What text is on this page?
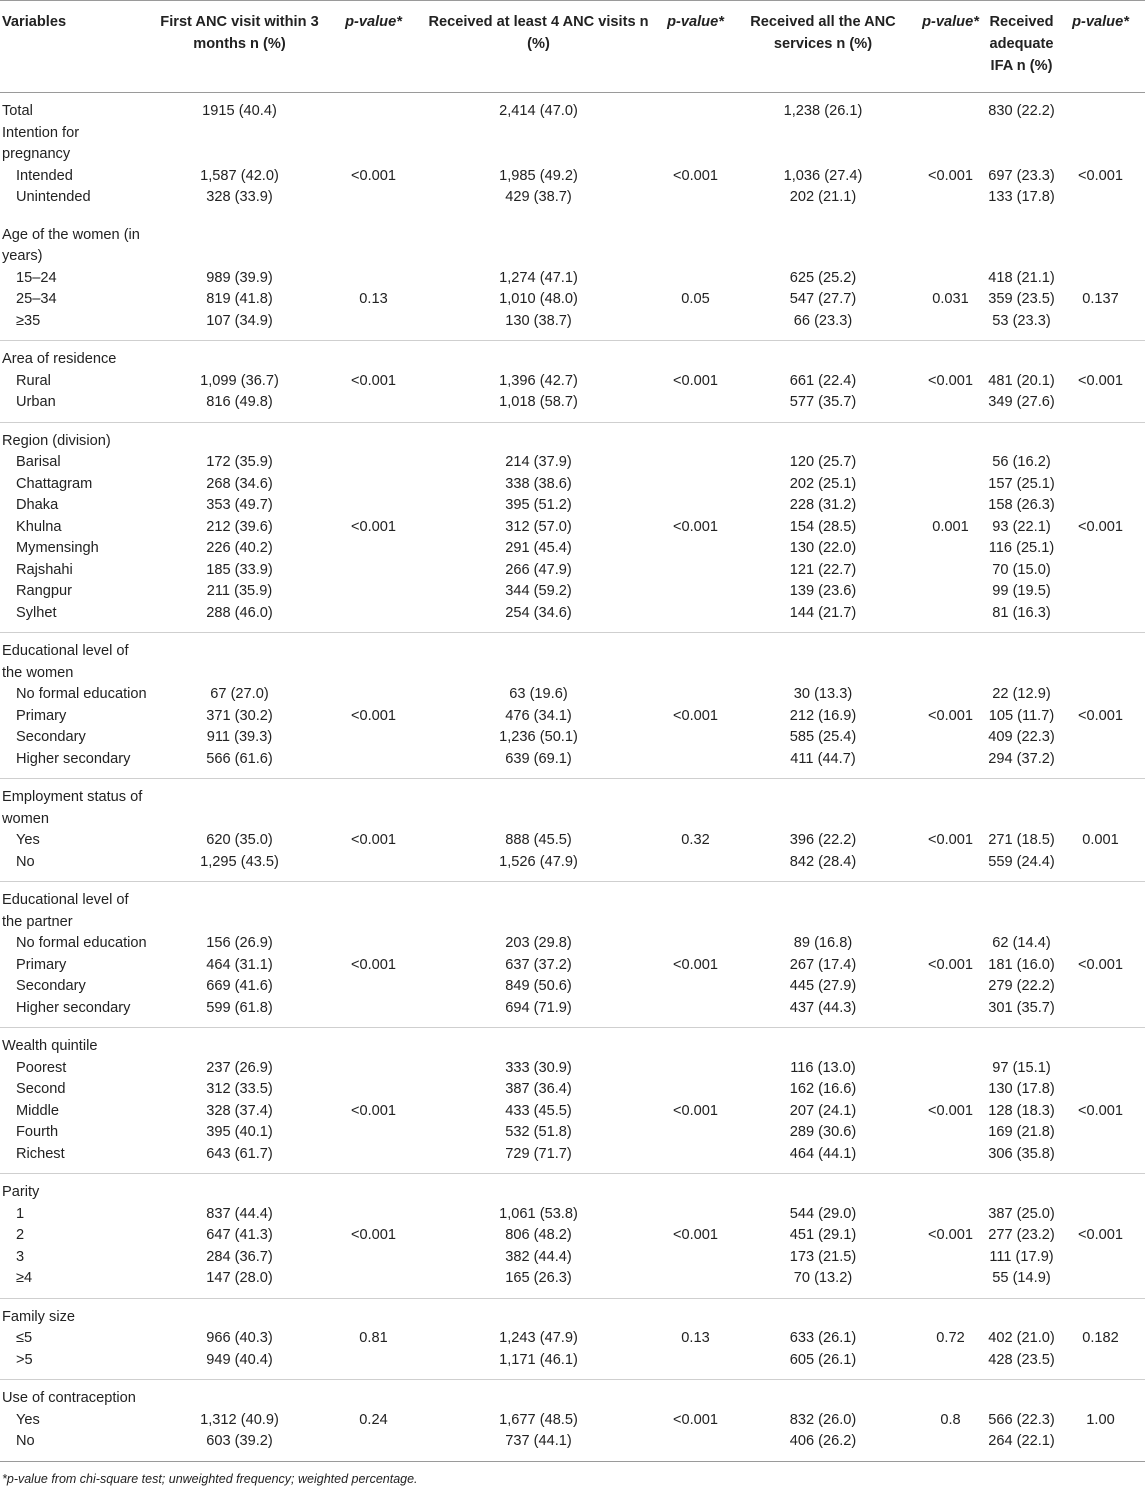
Variables	First ANC visit within 3 months n (%)	p-value*	Received at least 4 ANC visits n (%)	p-value*	Received all the ANC services n (%)	p-value*	Received adequate IFA n (%)	p-value*
Total	1915 (40.4)		2,414 (47.0)		1,238 (26.1)		830 (22.2)	
Intention for pregnancy								
Intended	1,587 (42.0)	<0.001	1,985 (49.2)	<0.001	1,036 (27.4)	<0.001	697 (23.3)	<0.001
Unintended	328 (33.9)		429 (38.7)		202 (21.1)		133 (17.8)	
Age of the women (in years)								
15–24	989 (39.9)		1,274 (47.1)		625 (25.2)		418 (21.1)	
25–34	819 (41.8)	0.13	1,010 (48.0)	0.05	547 (27.7)	0.031	359 (23.5)	0.137
≥35	107 (34.9)		130 (38.7)		66 (23.3)		53 (23.3)	
Area of residence								
Rural	1,099 (36.7)	<0.001	1,396 (42.7)	<0.001	661 (22.4)	<0.001	481 (20.1)	<0.001
Urban	816 (49.8)		1,018 (58.7)		577 (35.7)		349 (27.6)	
Region (division)								
Barisal	172 (35.9)		214 (37.9)		120 (25.7)		56 (16.2)	
Chattagram	268 (34.6)		338 (38.6)		202 (25.1)		157 (25.1)	
Dhaka	353 (49.7)		395 (51.2)		228 (31.2)		158 (26.3)	
Khulna	212 (39.6)	<0.001	312 (57.0)	<0.001	154 (28.5)	0.001	93 (22.1)	<0.001
Mymensingh	226 (40.2)		291 (45.4)		130 (22.0)		116 (25.1)	
Rajshahi	185 (33.9)		266 (47.9)		121 (22.7)		70 (15.0)	
Rangpur	211 (35.9)		344 (59.2)		139 (23.6)		99 (19.5)	
Sylhet	288 (46.0)		254 (34.6)		144 (21.7)		81 (16.3)	
Educational level of the women								
No formal education	67 (27.0)		63 (19.6)		30 (13.3)		22 (12.9)	
Primary	371 (30.2)	<0.001	476 (34.1)	<0.001	212 (16.9)	<0.001	105 (11.7)	<0.001
Secondary	911 (39.3)		1,236 (50.1)		585 (25.4)		409 (22.3)	
Higher secondary	566 (61.6)		639 (69.1)		411 (44.7)		294 (37.2)	
Employment status of women								
Yes	620 (35.0)	<0.001	888 (45.5)	0.32	396 (22.2)	<0.001	271 (18.5)	0.001
No	1,295 (43.5)		1,526 (47.9)		842 (28.4)		559 (24.4)	
Educational level of the partner								
No formal education	156 (26.9)		203 (29.8)		89 (16.8)		62 (14.4)	
Primary	464 (31.1)	<0.001	637 (37.2)	<0.001	267 (17.4)	<0.001	181 (16.0)	<0.001
Secondary	669 (41.6)		849 (50.6)		445 (27.9)		279 (22.2)	
Higher secondary	599 (61.8)		694 (71.9)		437 (44.3)		301 (35.7)	
Wealth quintile								
Poorest	237 (26.9)		333 (30.9)		116 (13.0)		97 (15.1)	
Second	312 (33.5)		387 (36.4)		162 (16.6)		130 (17.8)	
Middle	328 (37.4)	<0.001	433 (45.5)	<0.001	207 (24.1)	<0.001	128 (18.3)	<0.001
Fourth	395 (40.1)		532 (51.8)		289 (30.6)		169 (21.8)	
Richest	643 (61.7)		729 (71.7)		464 (44.1)		306 (35.8)	
Parity								
1	837 (44.4)		1,061 (53.8)		544 (29.0)		387 (25.0)	
2	647 (41.3)	<0.001	806 (48.2)	<0.001	451 (29.1)	<0.001	277 (23.2)	<0.001
3	284 (36.7)		382 (44.4)		173 (21.5)		111 (17.9)	
≥4	147 (28.0)		165 (26.3)		70 (13.2)		55 (14.9)	
Family size								
≤5	966 (40.3)	0.81	1,243 (47.9)	0.13	633 (26.1)	0.72	402 (21.0)	0.182
>5	949 (40.4)		1,171 (46.1)		605 (26.1)		428 (23.5)	
Use of contraception								
Yes	1,312 (40.9)	0.24	1,677 (48.5)	<0.001	832 (26.0)	0.8	566 (22.3)	1.00
No	603 (39.2)		737 (44.1)		406 (26.2)		264 (22.1)	
*p-value from chi-square test; unweighted frequency; weighted percentage.
